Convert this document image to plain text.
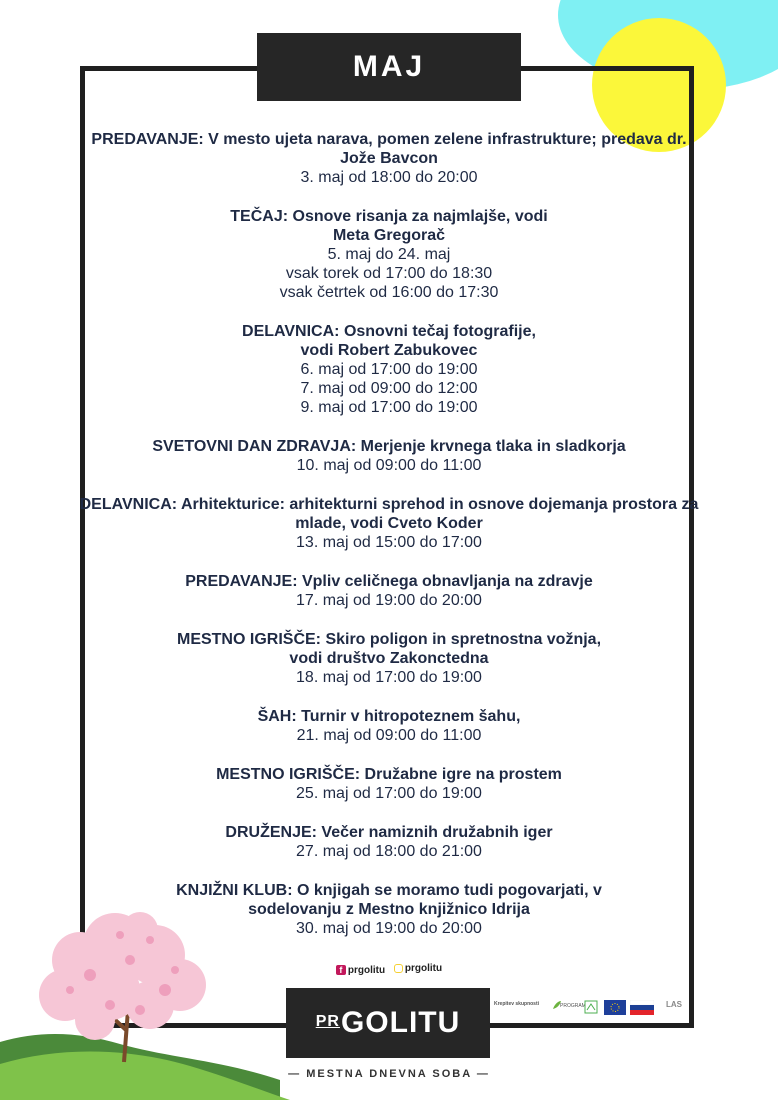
MAJ
PREDAVANJE: V mesto ujeta narava, pomen zelene infrastrukture; predava dr. Jože Bavcon
3. maj od 18:00 do 20:00
TEČAJ: Osnove risanja za najmlajše, vodi Meta Gregorač
5. maj do 24. maj
vsak torek od 17:00 do 18:30
vsak četrtek od 16:00 do 17:30
DELAVNICA: Osnovni tečaj fotografije, vodi Robert Zabukovec
6. maj od 17:00 do 19:00
7. maj od 09:00 do 12:00
9. maj od 17:00 do 19:00
SVETOVNI DAN ZDRAVJA: Merjenje krvnega tlaka in sladkorja
10. maj od 09:00 do 11:00
DELAVNICA: Arhitekturice: arhitekturni sprehod in osnove dojemanja prostora za mlade, vodi Cveto Koder
13. maj od 15:00 do 17:00
PREDAVANJE: Vpliv celičnega obnavljanja na zdravje
17. maj od 19:00 do 20:00
MESTNO IGRIŠČE: Skiro poligon in spretnostna vožnja, vodi društvo Zakonctedna
18. maj od 17:00 do 19:00
ŠAH: Turnir v hitropoteznem šahu,
21. maj od 09:00 do 11:00
MESTNO IGRIŠČE: Družabne igre na prostem
25. maj od 17:00 do 19:00
DRUŽENJE: Večer namiznih družabnih iger
27. maj od 18:00 do 21:00
KNJIŽNI KLUB: O knjigah se moramo tudi pogovarjati, v sodelovanju z Mestno knjižnico Idrija
30. maj od 19:00 do 20:00
f prgolitu
prgolitu
$^{PR}$GOLITU
— MESTNA DNEVNA SOBA —
Krepitev skupnosti	PROGRAM	LAS
